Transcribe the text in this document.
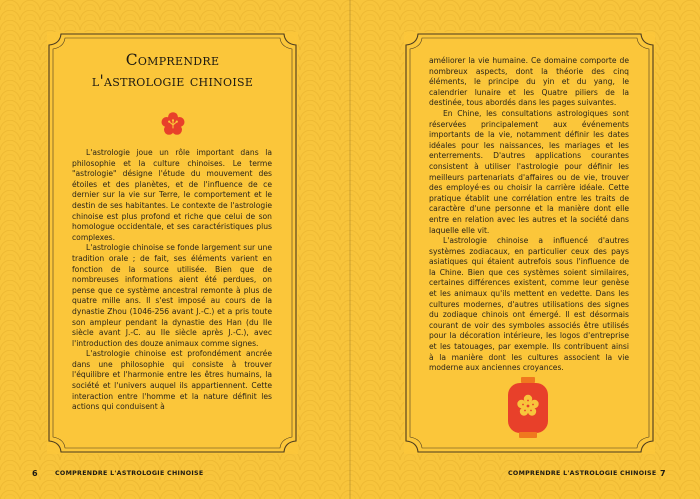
Comprendre
l'astrologie chinoise

L'astrologie joue un rôle important dans la philosophie et la culture chinoises. Le terme "astrologie" désigne l'étude du mouvement des étoiles et des planètes, et de l'influence de ce dernier sur la vie sur Terre, le comportement et le destin de ses habitantes. Le contexte de l'astrologie chinoise est plus profond et riche que celui de son homologue occidentale, et ses caractéristiques plus complexes.

L'astrologie chinoise se fonde largement sur une tradition orale ; de fait, ses éléments varient en fonction de la source utilisée. Bien que de nombreuses informations aient été perdues, on pense que ce système ancestral remonte à plus de quatre mille ans. Il s'est imposé au cours de la dynastie Zhou (1046-256 avant J.-C.) et a pris toute son ampleur pendant la dynastie des Han (du IIe siècle avant J.-C. au IIe siècle après J.-C.), avec l'introduction des douze animaux comme signes.

L'astrologie chinoise est profondément ancrée dans une philosophie qui consiste à trouver l'équilibre et l'harmonie entre les êtres humains, la société et l'univers auquel ils appartiennent. Cette interaction entre l'homme et la nature définit les actions qui conduisent à

améliorer la vie humaine. Ce domaine comporte de nombreux aspects, dont la théorie des cinq éléments, le principe du yin et du yang, le calendrier lunaire et les Quatre piliers de la destinée, tous abordés dans les pages suivantes.

En Chine, les consultations astrologiques sont réservées principalement aux événements importants de la vie, notamment définir les dates idéales pour les naissances, les mariages et les enterrements. D'autres applications courantes consistent à utiliser l'astrologie pour définir les meilleurs partenariats d'affaires ou de vie, trouver des employé·es ou choisir la carrière idéale. Cette pratique établit une corrélation entre les traits de caractère d'une personne et la manière dont elle entre en relation avec les autres et la société dans laquelle elle vit.

L'astrologie chinoise a influencé d'autres systèmes zodiacaux, en particulier ceux des pays asiatiques qui étaient autrefois sous l'influence de la Chine. Bien que ces systèmes soient similaires, certaines différences existent, comme leur genèse et les animaux qu'ils mettent en vedette. Dans les cultures modernes, d'autres utilisations des signes du zodiaque chinois ont émergé. Il est désormais courant de voir des symboles associés être utilisés pour la décoration intérieure, les logos d'entreprise et les tatouages, par exemple. Ils contribuent ainsi à la manière dont les cultures associent la vie moderne aux anciennes croyances.

6	COMPRENDRE L'ASTROLOGIE CHINOISE	COMPRENDRE L'ASTROLOGIE CHINOISE 7
